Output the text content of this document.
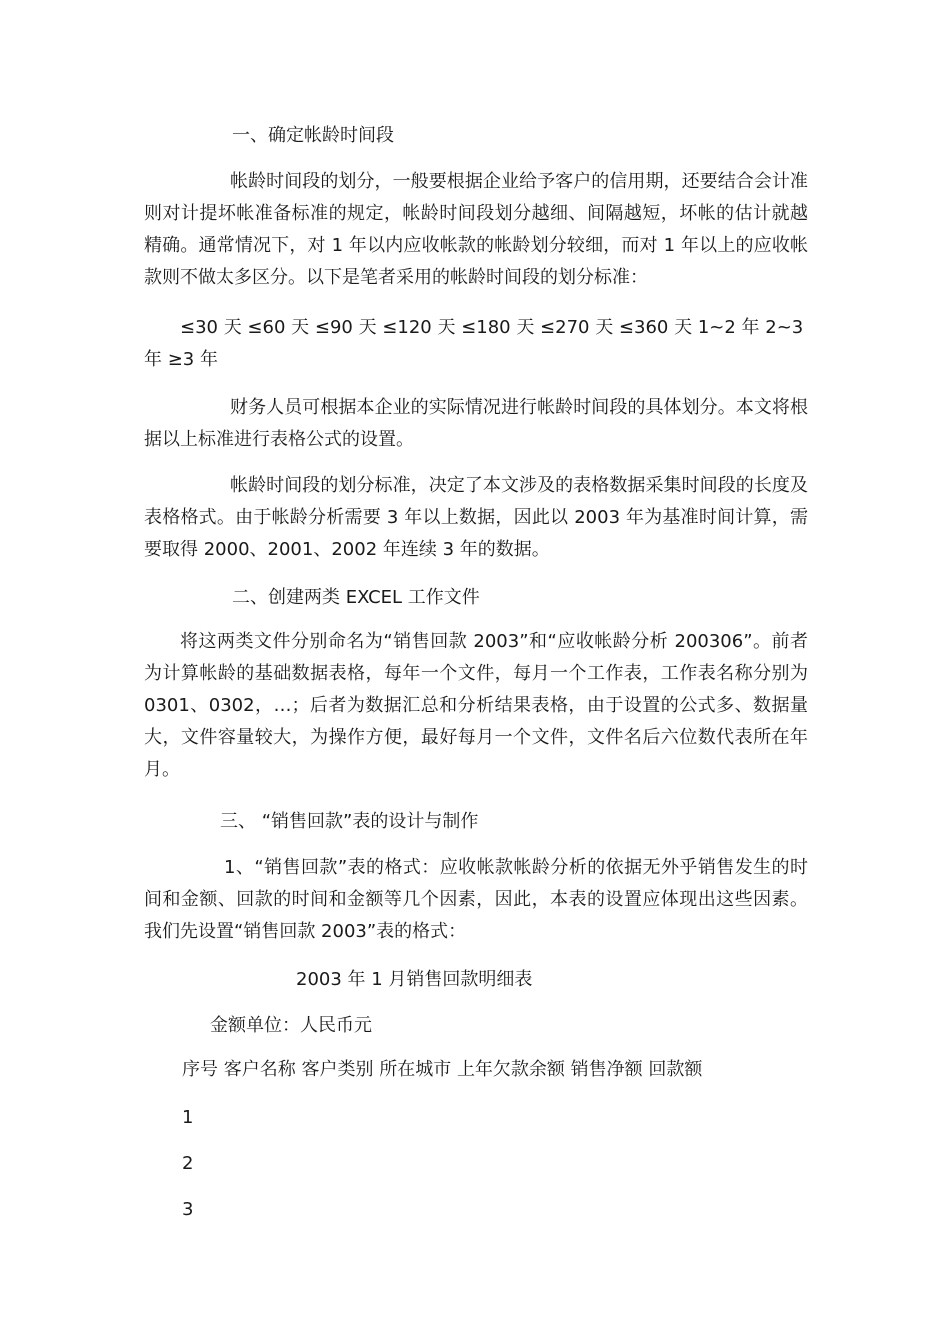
一、确定帐龄时间段

帐龄时间段的划分，一般要根据企业给予客户的信用期，还要结合会计准则对计提坏帐准备标准的规定，帐龄时间段划分越细、间隔越短，坏帐的估计就越精确。通常情况下，对 1 年以内应收帐款的帐龄划分较细，而对 1 年以上的应收帐款则不做太多区分。以下是笔者采用的帐龄时间段的划分标准：

≤30 天 ≤60 天 ≤90 天 ≤120 天 ≤180 天 ≤270 天 ≤360 天 1~2 年 2~3 年 ≥3 年

财务人员可根据本企业的实际情况进行帐龄时间段的具体划分。本文将根据以上标准进行表格公式的设置。

帐龄时间段的划分标准，决定了本文涉及的表格数据采集时间段的长度及表格格式。由于帐龄分析需要 3 年以上数据，因此以 2003 年为基准时间计算，需要取得 2000、2001、2002 年连续 3 年的数据。

二、创建两类 EXCEL 工作文件

将这两类文件分别命名为“销售回款 2003”和“应收帐龄分析 200306”。前者为计算帐龄的基础数据表格，每年一个文件，每月一个工作表，工作表名称分别为 0301、0302，…；后者为数据汇总和分析结果表格，由于设置的公式多、数据量大，文件容量较大，为操作方便，最好每月一个文件，文件名后六位数代表所在年月。

三、 “销售回款”表的设计与制作

1、“销售回款”表的格式：应收帐款帐龄分析的依据无外乎销售发生的时间和金额、回款的时间和金额等几个因素，因此，本表的设置应体现出这些因素。我们先设置“销售回款 2003”表的格式：

2003 年 1 月销售回款明细表
金额单位：人民币元
序号 客户名称 客户类别 所在城市 上年欠款余额 销售净额 回款额
1
2
3
